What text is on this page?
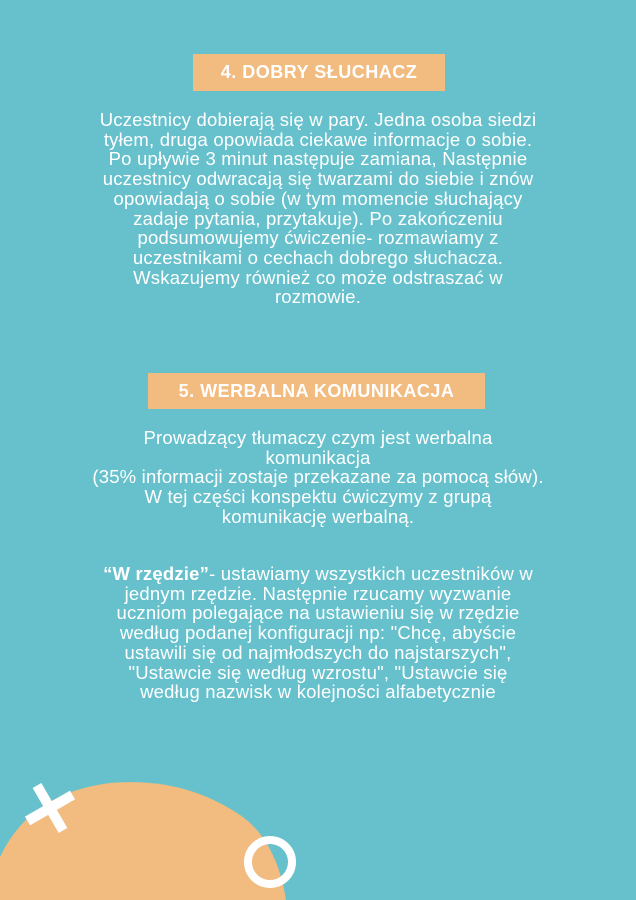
4. DOBRY SŁUCHACZ
Uczestnicy dobierają się w pary. Jedna osoba siedzi
tyłem, druga opowiada ciekawe informacje o sobie.
Po upływie 3 minut następuje zamiana, Następnie
uczestnicy odwracają się twarzami do siebie i znów
opowiadają o sobie (w tym momencie słuchający
zadaje pytania, przytakuje). Po zakończeniu
podsumowujemy ćwiczenie- rozmawiamy z
uczestnikami o cechach dobrego słuchacza.
Wskazujemy również co może odstraszać w
rozmowie.
5. WERBALNA KOMUNIKACJA
Prowadzący tłumaczy czym jest werbalna
komunikacja
(35% informacji zostaje przekazane za pomocą słów).
W tej części konspektu ćwiczymy z grupą
komunikację werbalną.
“W rzędzie”- ustawiamy wszystkich uczestników w
jednym rzędzie. Następnie rzucamy wyzwanie
uczniom polegające na ustawieniu się w rzędzie
według podanej konfiguracji np: "Chcę, abyście
ustawili się od najmłodszych do najstarszych",
"Ustawcie się według wzrostu", "Ustawcie się
według nazwisk w kolejności alfabetycznie
